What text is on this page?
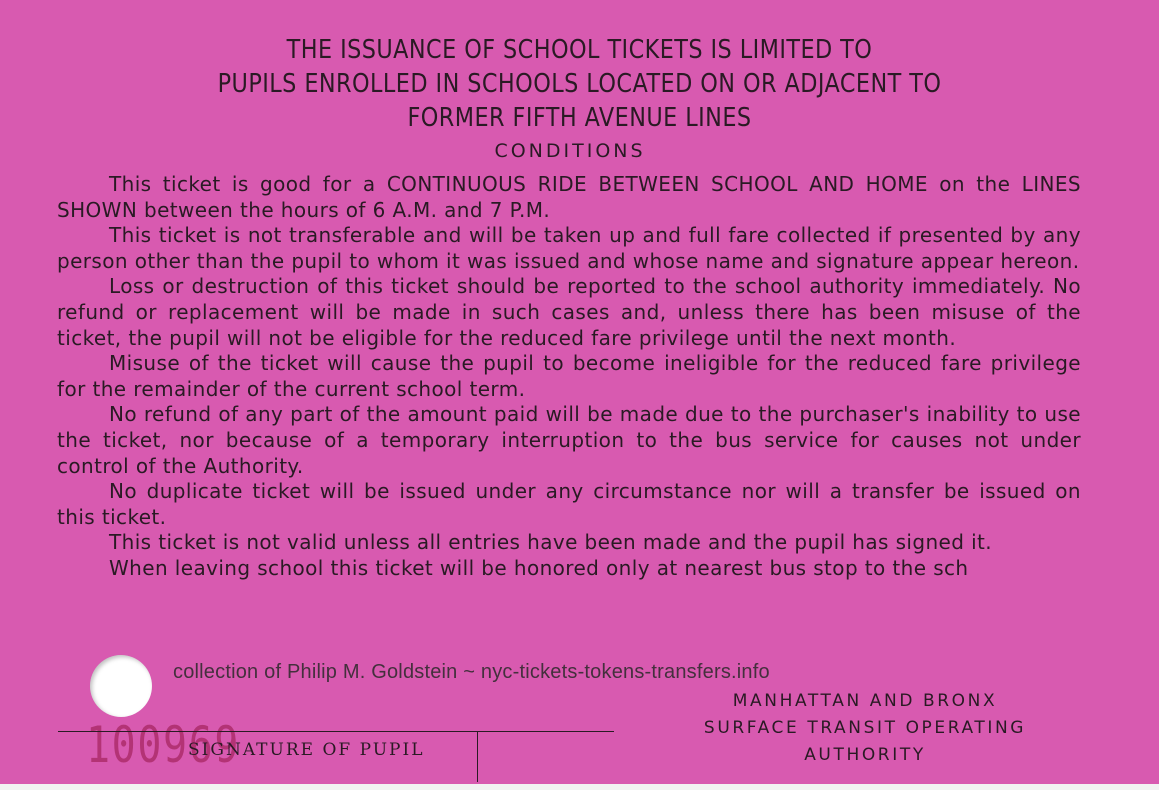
THE ISSUANCE OF SCHOOL TICKETS IS LIMITED TO
PUPILS ENROLLED IN SCHOOLS LOCATED ON OR ADJACENT TO
FORMER FIFTH AVENUE LINES
CONDITIONS

This ticket is good for a CONTINUOUS RIDE BETWEEN SCHOOL AND HOME on the LINES SHOWN between the hours of 6 A.M. and 7 P.M.

This ticket is not transferable and will be taken up and full fare collected if presented by any person other than the pupil to whom it was issued and whose name and signature appear hereon.

Loss or destruction of this ticket should be reported to the school authority immediately. No refund or replacement will be made in such cases and, unless there has been misuse of the ticket, the pupil will not be eligible for the reduced fare privilege until the next month.

Misuse of the ticket will cause the pupil to become ineligible for the reduced fare privilege for the remainder of the current school term.

No refund of any part of the amount paid will be made due to the purchaser's inability to use the ticket, nor because of a temporary interruption to the bus service for causes not under control of the Authority.

No duplicate ticket will be issued under any circumstance nor will a transfer be issued on this ticket.

This ticket is not valid unless all entries have been made and the pupil has signed it.

When leaving school this ticket will be honored only at nearest bus stop to the sch

collection of Philip M. Goldstein ~ nyc-tickets-tokens-transfers.info
100969
SIGNATURE OF PUPIL
MANHATTAN AND BRONX
SURFACE TRANSIT OPERATING
AUTHORITY
